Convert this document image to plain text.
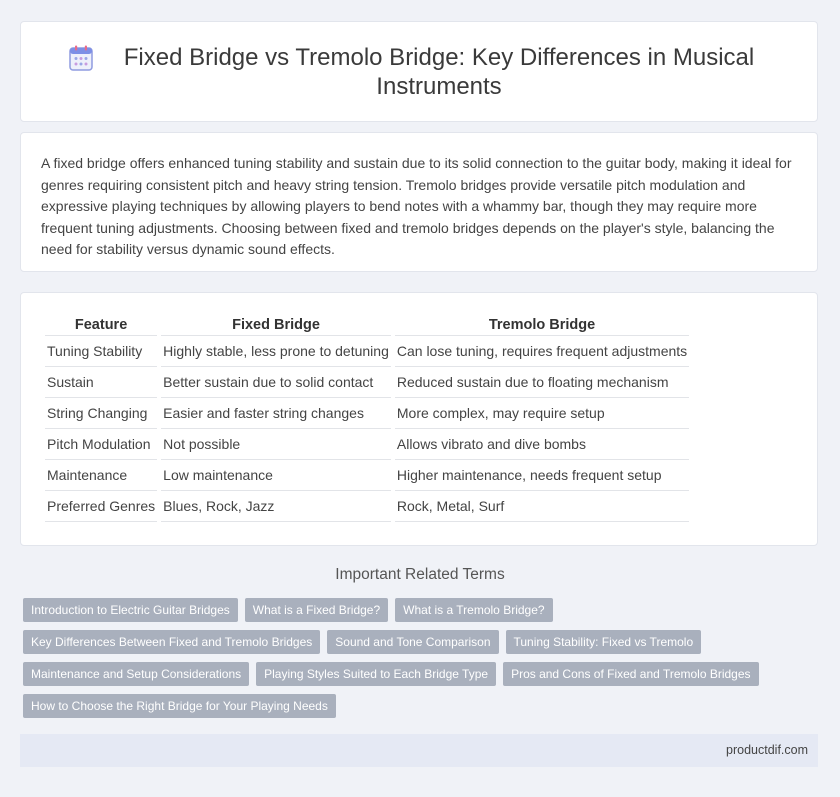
Fixed Bridge vs Tremolo Bridge: Key Differences in Musical Instruments

A fixed bridge offers enhanced tuning stability and sustain due to its solid connection to the guitar body, making it ideal for genres requiring consistent pitch and heavy string tension. Tremolo bridges provide versatile pitch modulation and expressive playing techniques by allowing players to bend notes with a whammy bar, though they may require more frequent tuning adjustments. Choosing between fixed and tremolo bridges depends on the player's style, balancing the need for stability versus dynamic sound effects.

Feature	Fixed Bridge	Tremolo Bridge
Tuning Stability	Highly stable, less prone to detuning	Can lose tuning, requires frequent adjustments
Sustain	Better sustain due to solid contact	Reduced sustain due to floating mechanism
String Changing	Easier and faster string changes	More complex, may require setup
Pitch Modulation	Not possible	Allows vibrato and dive bombs
Maintenance	Low maintenance	Higher maintenance, needs frequent setup
Preferred Genres	Blues, Rock, Jazz	Rock, Metal, Surf
Important Related Terms
Introduction to Electric Guitar Bridges	What is a Fixed Bridge?	What is a Tremolo Bridge?
Key Differences Between Fixed and Tremolo Bridges	Sound and Tone Comparison	Tuning Stability: Fixed vs Tremolo
Maintenance and Setup Considerations	Playing Styles Suited to Each Bridge Type	Pros and Cons of Fixed and Tremolo Bridges
How to Choose the Right Bridge for Your Playing Needs
productdif.com
